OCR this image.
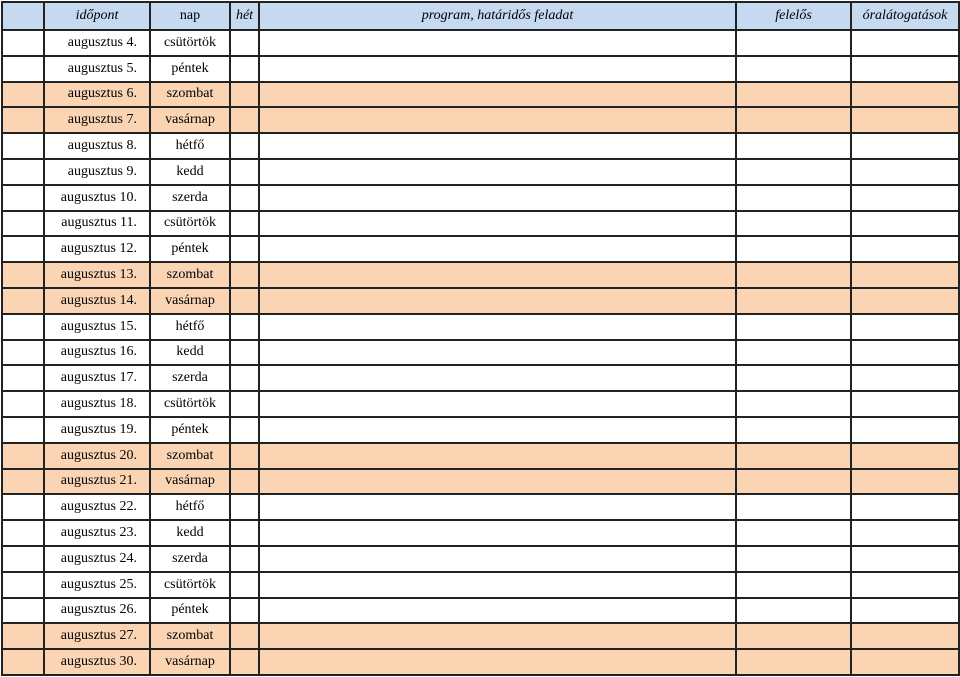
	időpont	nap	hét	program, határidős feladat	felelős	óralátogatások
	augusztus 4.	csütörtök				
	augusztus 5.	péntek				
	augusztus 6.	szombat				
	augusztus 7.	vasárnap				
	augusztus 8.	hétfő				
	augusztus 9.	kedd				
	augusztus 10.	szerda				
	augusztus 11.	csütörtök				
	augusztus 12.	péntek				
	augusztus 13.	szombat				
	augusztus 14.	vasárnap				
	augusztus 15.	hétfő				
	augusztus 16.	kedd				
	augusztus 17.	szerda				
	augusztus 18.	csütörtök				
	augusztus 19.	péntek				
	augusztus 20.	szombat				
	augusztus 21.	vasárnap				
	augusztus 22.	hétfő				
	augusztus 23.	kedd				
	augusztus 24.	szerda				
	augusztus 25.	csütörtök				
	augusztus 26.	péntek				
	augusztus 27.	szombat				
	augusztus 30.	vasárnap				
